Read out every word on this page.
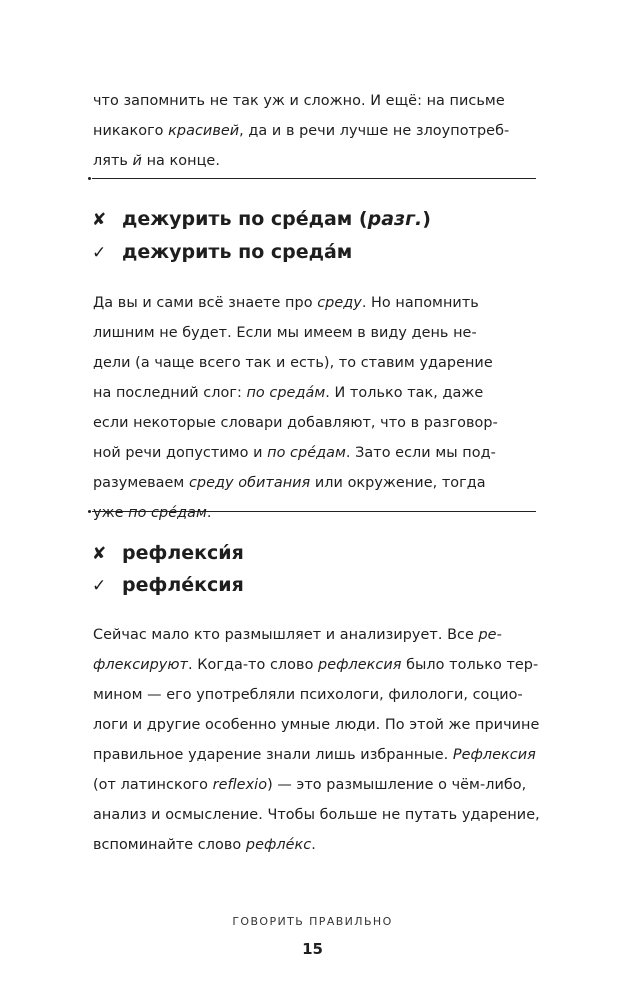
что запомнить не так уж и сложно. И ещё: на письме
никакого красивей, да и в речи лучше не злоупотреб-
лять й на конце.
✘ дежурить по сре́дам (разг.)
✓ дежурить по среда́м
Да вы и сами всё знаете про среду. Но напомнить
лишним не будет. Если мы имеем в виду день не-
дели (а чаще всего так и есть), то ставим ударение
на последний слог: по среда́м. И только так, даже
если некоторые словари добавляют, что в разговор-
ной речи допустимо и по сре́дам. Зато если мы под-
разумеваем среду обитания или окружение, тогда
уже по сре́дам.
✘ рефлекси́я
✓ рефле́ксия
Сейчас мало кто размышляет и анализирует. Все ре-
флексируют. Когда-то слово рефлексия было только тер-
мином — его употребляли психологи, филологи, социо-
логи и другие особенно умные люди. По этой же причине
правильное ударение знали лишь избранные. Рефлексия
(от латинского reflexio) — это размышление о чём-либо,
анализ и осмысление. Чтобы больше не путать ударение,
вспоминайте слово рефле́кс.
ГОВОРИТЬ ПРАВИЛЬНО
15
